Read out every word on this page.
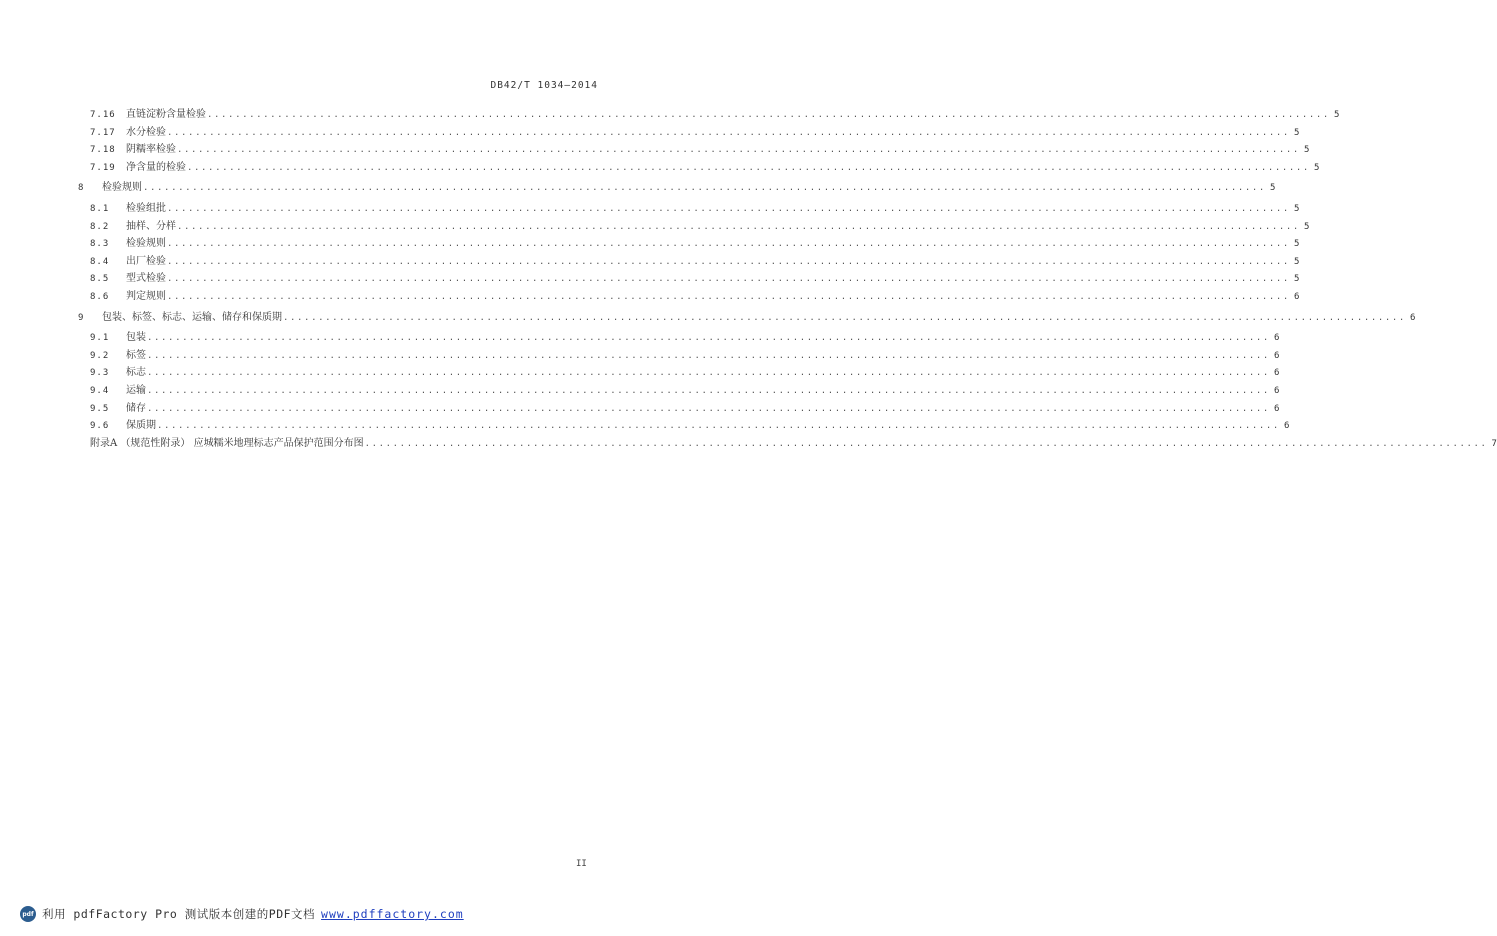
DB42/T 1034—2014
7.16	直链淀粉含量检验 ................................................................................................................................................................ 5
7.17	水分检验 ................................................................................................................................................................ 5
7.18	阴糯率检验 ................................................................................................................................................................ 5
7.19	净含量的检验 ................................................................................................................................................................ 5
8	检验规则 ................................................................................................................................................................ 5
8.1	检验组批 ................................................................................................................................................................ 5
8.2	抽样、分样 ................................................................................................................................................................ 5
8.3	检验规则 ................................................................................................................................................................ 5
8.4	出厂检验 ................................................................................................................................................................ 5
8.5	型式检验 ................................................................................................................................................................ 5
8.6	判定规则 ................................................................................................................................................................ 6
9	包装、标签、标志、运输、储存和保质期 ................................................................................................................................................................ 6
9.1	包装 ................................................................................................................................................................ 6
9.2	标签 ................................................................................................................................................................ 6
9.3	标志 ................................................................................................................................................................ 6
9.4	运输 ................................................................................................................................................................ 6
9.5	储存 ................................................................................................................................................................ 6
9.6	保质期 ................................................................................................................................................................ 6
附录A （规范性附录） 应城糯米地理标志产品保护范围分布图 ................................................................................................................................................................ 7
II
pdf 利用 pdfFactory Pro 测试版本创建的PDF文档 www.pdffactory.com
